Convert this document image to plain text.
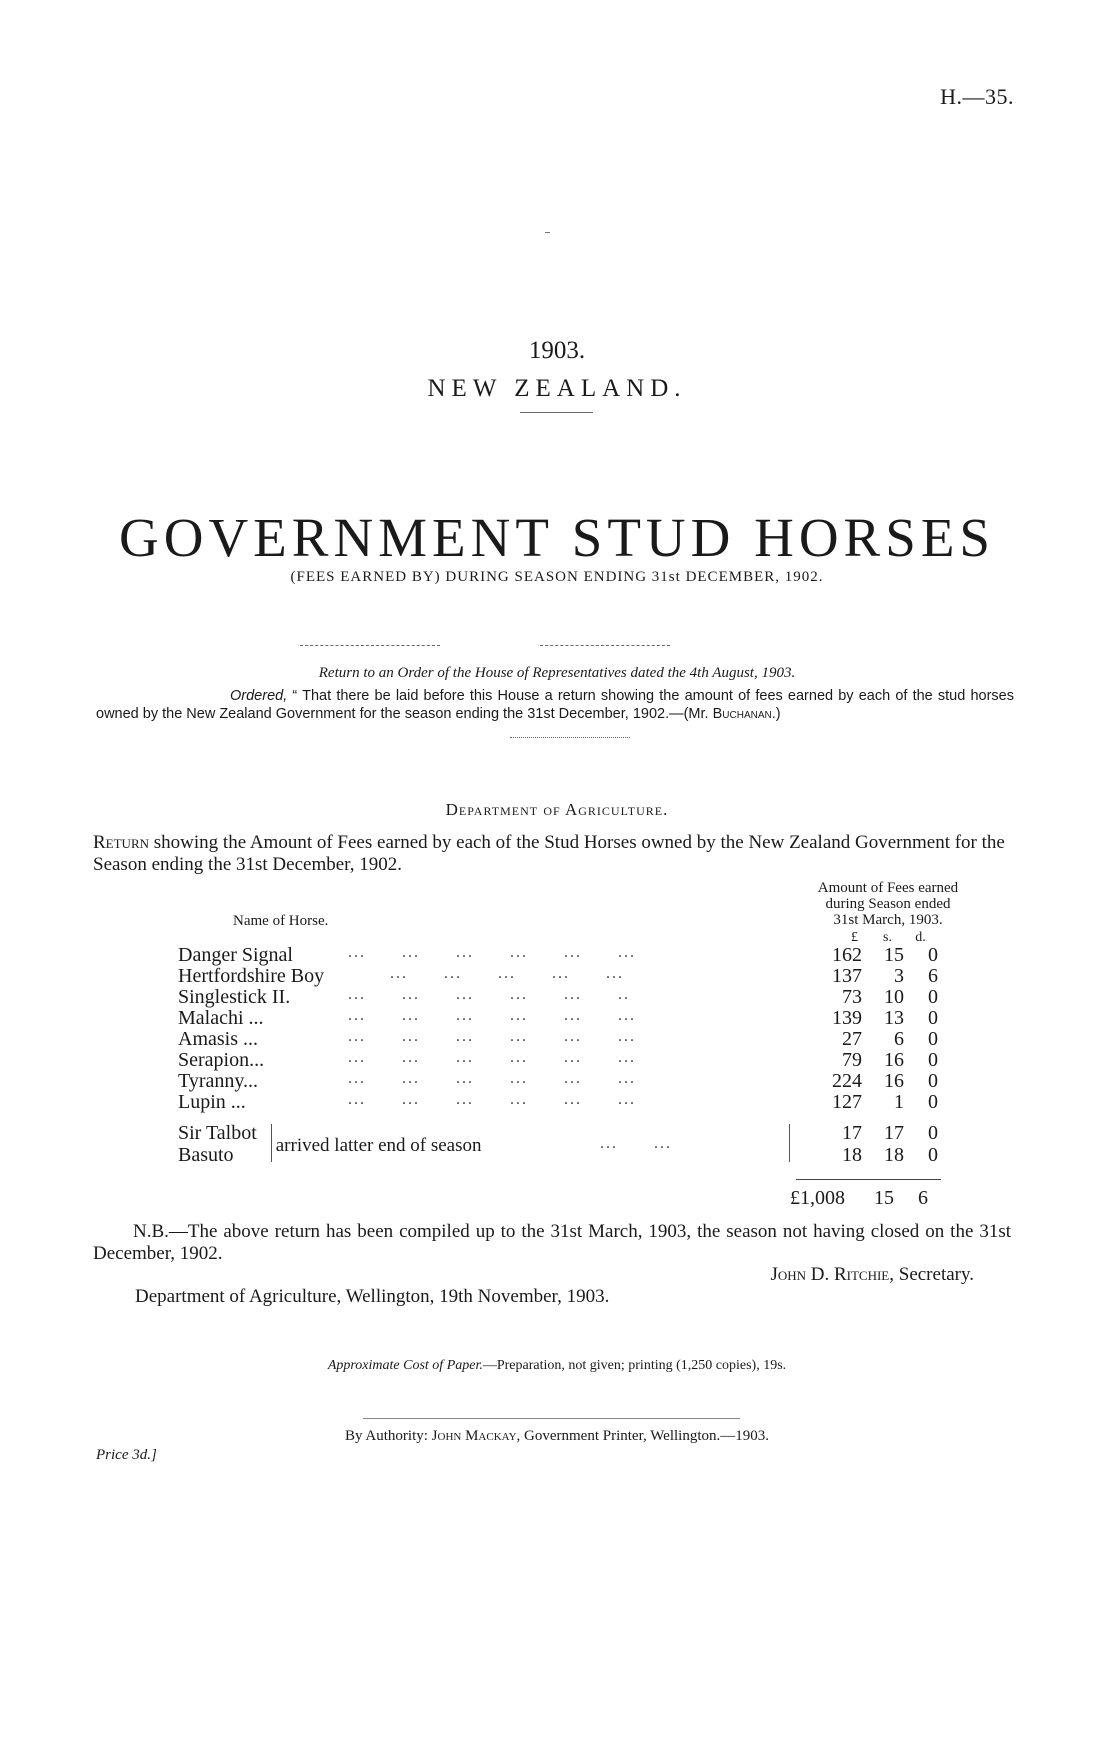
H.—35.
1903.
NEW ZEALAND.
GOVERNMENT STUD HORSES
(FEES EARNED BY) DURING SEASON ENDING 31st DECEMBER, 1902.
Return to an Order of the House of Representatives dated the 4th August, 1903.
Ordered, “ That there be laid before this House a return showing the amount of fees earned by each of the stud horses owned by the New Zealand Government for the season ending the 31st December, 1902.—(Mr. Buchanan.)
Department of Agriculture.
Return showing the Amount of Fees earned by each of the Stud Horses owned by the New Zealand Government for the Season ending the 31st December, 1902.
Amount of Fees earned
during Season ended
31st March, 1903.
Name of Horse.
£ s. d.
Danger Signal	...      ...      ...      ...      ...      ...	162	15	0
Hertfordshire Boy ...      ...      ...      ...      ...	137	3	6
Singlestick II.	...      ...      ...      ...      ...      ..	73	10	0
Malachi ...	...      ...      ...      ...      ...      ...	139	13	0
Amasis ...	...      ...      ...      ...      ...      ...	27	6	0
Serapion...	...      ...      ...      ...      ...      ...	79	16	0
Tyranny...	...      ...      ...      ...      ...      ...	224	16	0
Lupin ...	...      ...      ...      ...      ...      ...	127	1	0
Sir Talbot	17	17	0
Basuto	18	18	0
arrived latter end of season	...      ...
£1,008 15 6
N.B.—The above return has been compiled up to the 31st March, 1903, the season not having closed on the 31st December, 1902.
John D. Ritchie, Secretary.
Department of Agriculture, Wellington, 19th November, 1903.
Approximate Cost of Paper.—Preparation, not given; printing (1,250 copies), 19s.
By Authority: John Mackay, Government Printer, Wellington.—1903.
Price 3d.]
